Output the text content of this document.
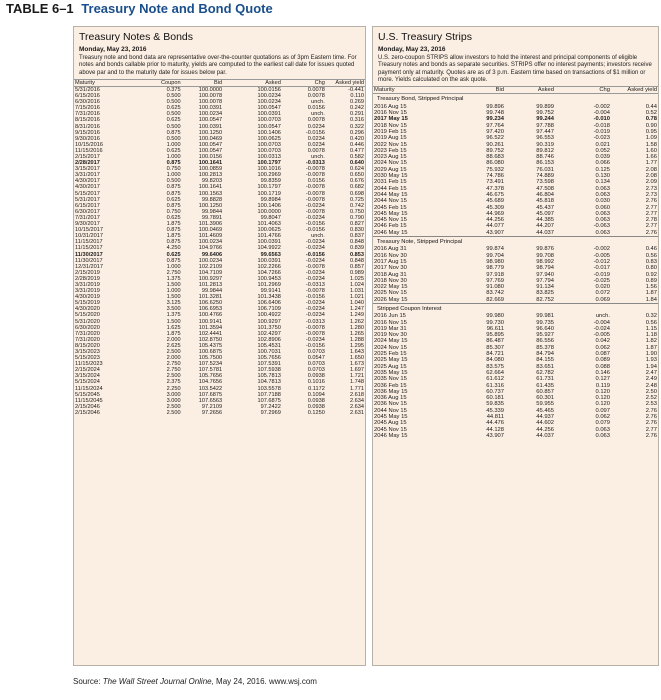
TABLE 6–1 Treasury Note and Bond Quote
Treasury Notes & Bonds
Monday, May 23, 2016
Treasury note and bond data are representative over-the-counter quotations as of 3pm Eastern time. For notes and bonds callable prior to maturity, yields are computed to the earliest call date for issues quoted above par and to the maturity date for issues below par.
Maturity	Coupon	Bid	Asked	Chg	Asked yield
5/31/2016	0.375	100.0000	100.0156	0.0078	-0.441
6/15/2016	0.500	100.0078	100.0234	0.0078	0.110
6/30/2016	0.500	100.0078	100.0234	unch.	0.269
7/15/2016	0.625	100.0391	100.0547	0.0156	0.242
7/31/2016	0.500	100.0234	100.0391	unch.	0.291
8/15/2016	0.625	100.0547	100.0703	0.0078	0.316
8/31/2016	0.500	100.0391	100.0547	0.0234	0.322
9/15/2016	0.875	100.1250	100.1406	-0.0156	0.296
9/30/2016	0.500	100.0469	100.0625	0.0234	0.420
10/15/2016	1.000	100.0547	100.0703	0.0234	0.446
11/15/2016	0.625	100.0547	100.0703	0.0078	0.477
2/15/2017	1.000	100.0156	100.0313	unch.	0.582
2/28/2017	0.875	100.1641	100.1797	-0.0313	0.640
3/15/2017	0.750	100.0859	100.1016	-0.0078	0.624
3/31/2017	1.000	100.2813	100.2969	-0.0078	0.650
4/30/2017	0.500	99.8203	99.8359	0.0156	0.676
4/30/2017	0.875	100.1641	100.1797	-0.0078	0.682
5/15/2017	0.875	100.1563	100.1719	-0.0078	0.698
5/31/2017	0.625	99.8828	99.8984	-0.0078	0.725
6/15/2017	0.875	100.1250	100.1406	-0.0234	0.742
6/30/2017	0.750	99.9844	100.0000	-0.0078	0.750
7/31/2017	0.625	99.7891	99.8047	-0.0234	0.790
9/30/2017	1.875	101.3906	101.4063	-0.0156	0.827
10/15/2017	0.875	100.0469	100.0625	-0.0156	0.830
10/31/2017	1.875	101.4609	101.4766	unch.	0.837
11/15/2017	0.875	100.0234	100.0391	-0.0234	0.848
11/15/2017	4.250	104.9766	104.9922	-0.0234	0.839
11/30/2017	0.625	99.6406	99.6563	-0.0156	0.853
11/30/2017	0.875	100.0234	100.0391	-0.0234	0.848
12/31/2017	1.000	102.2109	102.2266	-0.0078	0.857
2/15/2019	2.750	104.7109	104.7266	-0.0234	0.989
2/28/2019	1.375	100.9297	100.9453	-0.0234	1.025
3/31/2019	1.500	101.2813	101.2969	-0.0313	1.024
3/31/2019	1.000	99.9844	99.9141	-0.0078	1.031
4/30/2019	1.500	101.3281	101.3438	-0.0156	1.021
5/15/2019	3.125	106.6250	106.6406	-0.0234	1.040
4/30/2020	3.500	106.6953	106.7109	-0.0234	1.247
5/15/2020	1.375	100.4766	100.4922	-0.0234	1.249
5/31/2020	1.500	100.9141	100.9297	-0.0313	1.262
6/30/2020	1.625	101.3594	101.3750	-0.0078	1.280
7/31/2020	1.875	102.4441	102.4297	-0.0078	1.265
7/31/2020	2.000	102.8750	102.8906	-0.0234	1.288
8/15/2020	2.625	105.4375	105.4531	-0.0156	1.295
3/15/2023	2.500	100.6875	100.7031	0.0703	1.643
5/15/2023	2.000	105.7500	105.7656	0.0547	1.650
11/15/2023	2.750	107.5234	107.5391	0.0703	1.673
2/15/2024	2.750	107.5781	107.5938	0.0703	1.697
3/15/2024	2.500	105.7656	105.7813	0.0938	1.721
5/15/2024	2.375	104.7656	104.7813	0.1016	1.748
11/15/2024	2.250	103.5422	103.5578	0.1172	1.771
5/15/2045	3.000	107.6875	107.7188	0.1094	2.618
11/15/2045	3.000	107.6563	107.6875	0.0938	2.634
2/15/2046	2.500	97.2109	97.2422	0.0938	2.634
2/15/2046	2.500	97.2656	97.2969	0.1250	2.631
U.S. Treasury Strips
Monday, May 23, 2016
U.S. zero-coupon STRIPS allow investors to hold the interest and principal components of eligible Treasury notes and bonds as separate securities. STRIPS offer no interest payments; investors receive payment only at maturity. Quotes are as of 3 p.m. Eastern time based on transactions of $1 million or more. Yields calculated on the ask quote.
Maturity	Bid	Asked	Chg	Asked yield
Treasury Bond, Stripped Principal				
2016 Aug 15	99.896	99.899	-0.002	0.44
2016 Nov 15	99.748	99.752	-0.004	0.52
2017 May 15	99.234	99.244	-0.010	0.78
2018 Nov 15	97.764	97.788	-0.018	0.90
2019 Feb 15	97.420	97.447	-0.019	0.95
2019 Aug 15	96.522	96.553	-0.023	1.09
2022 Nov 15	90.261	90.319	0.021	1.58
2023 Feb 15	89.752	89.812	0.052	1.60
2023 Aug 15	88.683	88.746	0.039	1.66
2024 Nov 15	86.080	86.153	0.066	1.77
2029 Aug 15	75.932	76.031	0.125	2.08
2030 May 15	74.786	74.889	0.130	2.08
2031 Feb 15	73.491	73.598	0.134	2.09
2044 Feb 15	47.378	47.508	0.063	2.73
2044 May 15	46.675	46.804	0.063	2.73
2044 Nov 15	45.689	45.818	0.030	2.76
2045 Feb 15	45.309	45.437	0.060	2.77
2045 May 15	44.969	45.097	0.063	2.77
2045 Nov 15	44.256	44.385	0.063	2.78
2046 Feb 15	44.077	44.207	-0.063	2.77
2046 May 15	43.907	44.037	0.063	2.76
Treasury Note, Stripped Principal				
2016 Aug 31	99.874	99.876	-0.002	0.46
2016 Nov 30	99.704	99.708	-0.005	0.56
2017 Aug 15	98.980	98.992	-0.012	0.83
2017 Nov 30	98.779	98.794	-0.017	0.80
2018 Aug 31	97.918	97.940	-0.019	0.92
2018 Nov 30	97.769	97.794	-0.025	0.89
2022 May 15	91.080	91.134	0.020	1.56
2025 Nov 15	83.742	83.825	0.072	1.87
2026 May 15	82.669	82.752	0.069	1.84
Stripped Coupon Interest				
2016 Jun 15	99.980	99.981	unch.	0.32
2016 Nov 15	99.730	99.735	-0.004	0.56
2019 Mar 31	96.611	96.640	-0.024	1.15
2019 Nov 30	95.895	95.927	-0.005	1.18
2024 May 15	86.487	86.556	0.042	1.82
2024 Nov 15	85.307	85.378	0.062	1.87
2025 Feb 15	84.721	84.794	0.087	1.90
2025 May 15	84.080	84.155	0.089	1.93
2025 Aug 15	83.575	83.651	0.088	1.94
2035 May 15	62.664	62.782	0.146	2.47
2035 Nov 15	61.612	61.731	0.127	2.49
2036 Feb 15	61.316	61.435	0.119	2.48
2036 May 15	60.737	60.857	0.120	2.50
2036 Aug 15	60.181	60.301	0.120	2.52
2036 Nov 15	59.835	59.955	0.120	2.53
2044 Nov 15	45.339	45.465	0.097	2.76
2045 May 15	44.811	44.937	0.062	2.76
2045 Aug 15	44.476	44.602	0.079	2.76
2045 Nov 15	44.128	44.256	0.063	2.77
2046 May 15	43.907	44.037	0.063	2.76
Source: The Wall Street Journal Online, May 24, 2016. www.wsj.com
